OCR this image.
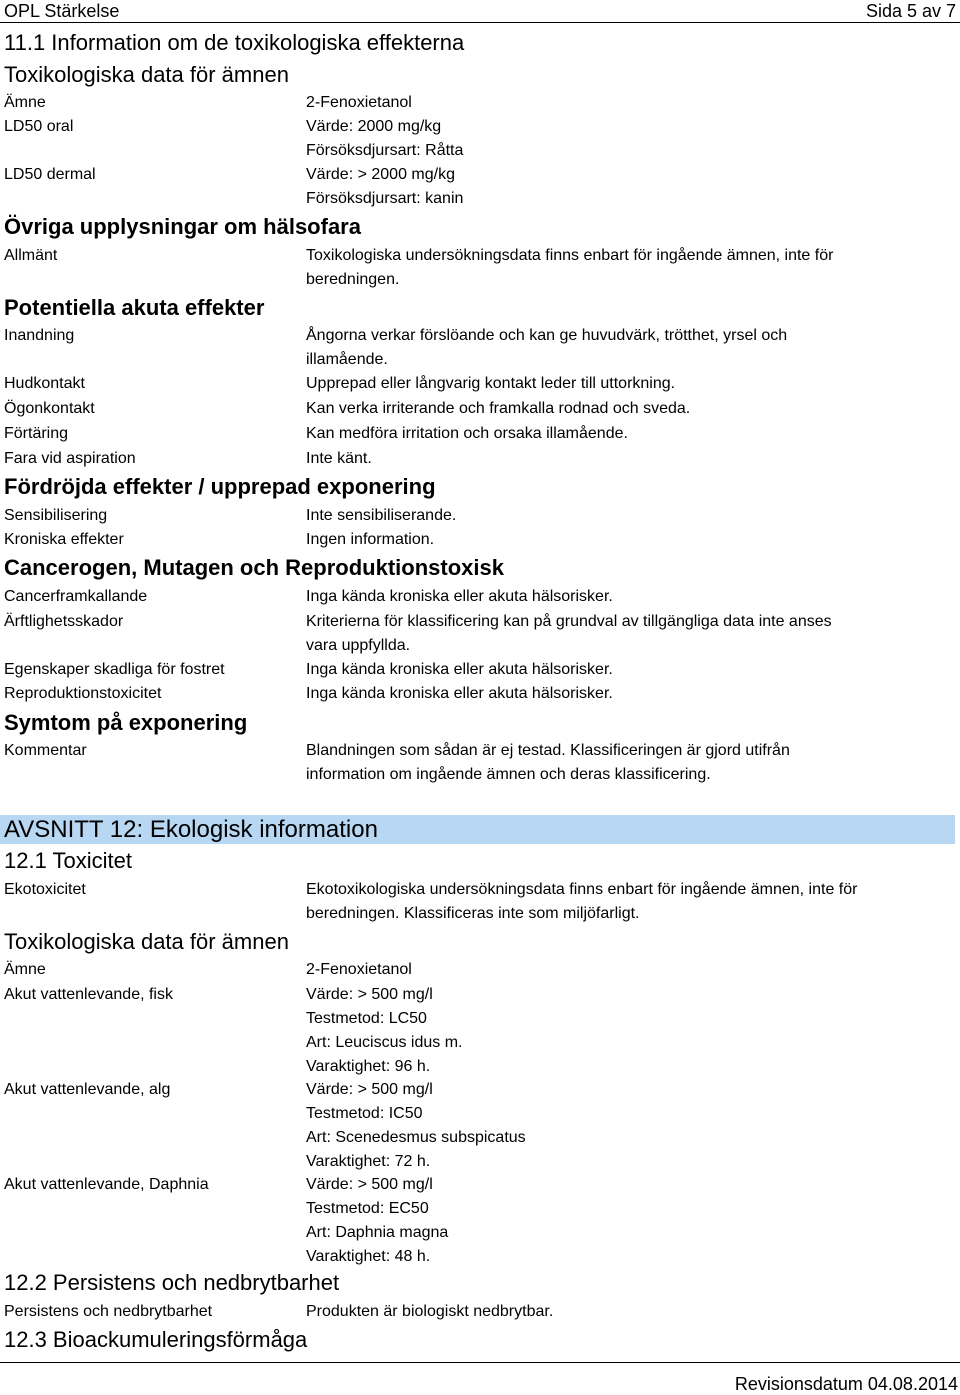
OPL Stärkelse	Sida 5 av 7
11.1 Information om de toxikologiska effekterna
Toxikologiska data för ämnen
Ämne	2-Fenoxietanol
LD50 oral	Värde: 2000 mg/kg
Försöksdjursart: Råtta
LD50 dermal	Värde: > 2000 mg/kg
Försöksdjursart: kanin
Övriga upplysningar om hälsofara
Allmänt	Toxikologiska undersökningsdata finns enbart för ingående ämnen, inte för
beredningen.
Potentiella akuta effekter
Inandning	Ångorna verkar förslöande och kan ge huvudvärk, trötthet, yrsel och
illamående.
Hudkontakt	Upprepad eller långvarig kontakt leder till uttorkning.
Ögonkontakt	Kan verka irriterande och framkalla rodnad och sveda.
Förtäring	Kan medföra irritation och orsaka illamående.
Fara vid aspiration	Inte känt.
Fördröjda effekter / upprepad exponering
Sensibilisering	Inte sensibiliserande.
Kroniska effekter	Ingen information.
Cancerogen, Mutagen och Reproduktionstoxisk
Cancerframkallande	Inga kända kroniska eller akuta hälsorisker.
Ärftlighetsskador	Kriterierna för klassificering kan på grundval av tillgängliga data inte anses
vara uppfyllda.
Egenskaper skadliga för fostret	Inga kända kroniska eller akuta hälsorisker.
Reproduktionstoxicitet	Inga kända kroniska eller akuta hälsorisker.
Symtom på exponering
Kommentar	Blandningen som sådan är ej testad. Klassificeringen är gjord utifrån
information om ingående ämnen och deras klassificering.
AVSNITT 12: Ekologisk information
12.1 Toxicitet
Ekotoxicitet	Ekotoxikologiska undersökningsdata finns enbart för ingående ämnen, inte för
beredningen. Klassificeras inte som miljöfarligt.
Toxikologiska data för ämnen
Ämne	2-Fenoxietanol
Akut vattenlevande, fisk	Värde: > 500 mg/l
Testmetod: LC50
Art: Leuciscus idus m.
Varaktighet: 96 h.
Akut vattenlevande, alg	Värde: > 500 mg/l
Testmetod: IC50
Art: Scenedesmus subspicatus
Varaktighet: 72 h.
Akut vattenlevande, Daphnia	Värde: > 500 mg/l
Testmetod: EC50
Art: Daphnia magna
Varaktighet: 48 h.
12.2 Persistens och nedbrytbarhet
Persistens och nedbrytbarhet	Produkten är biologiskt nedbrytbar.
12.3 Bioackumuleringsförmåga
Revisionsdatum 04.08.2014
